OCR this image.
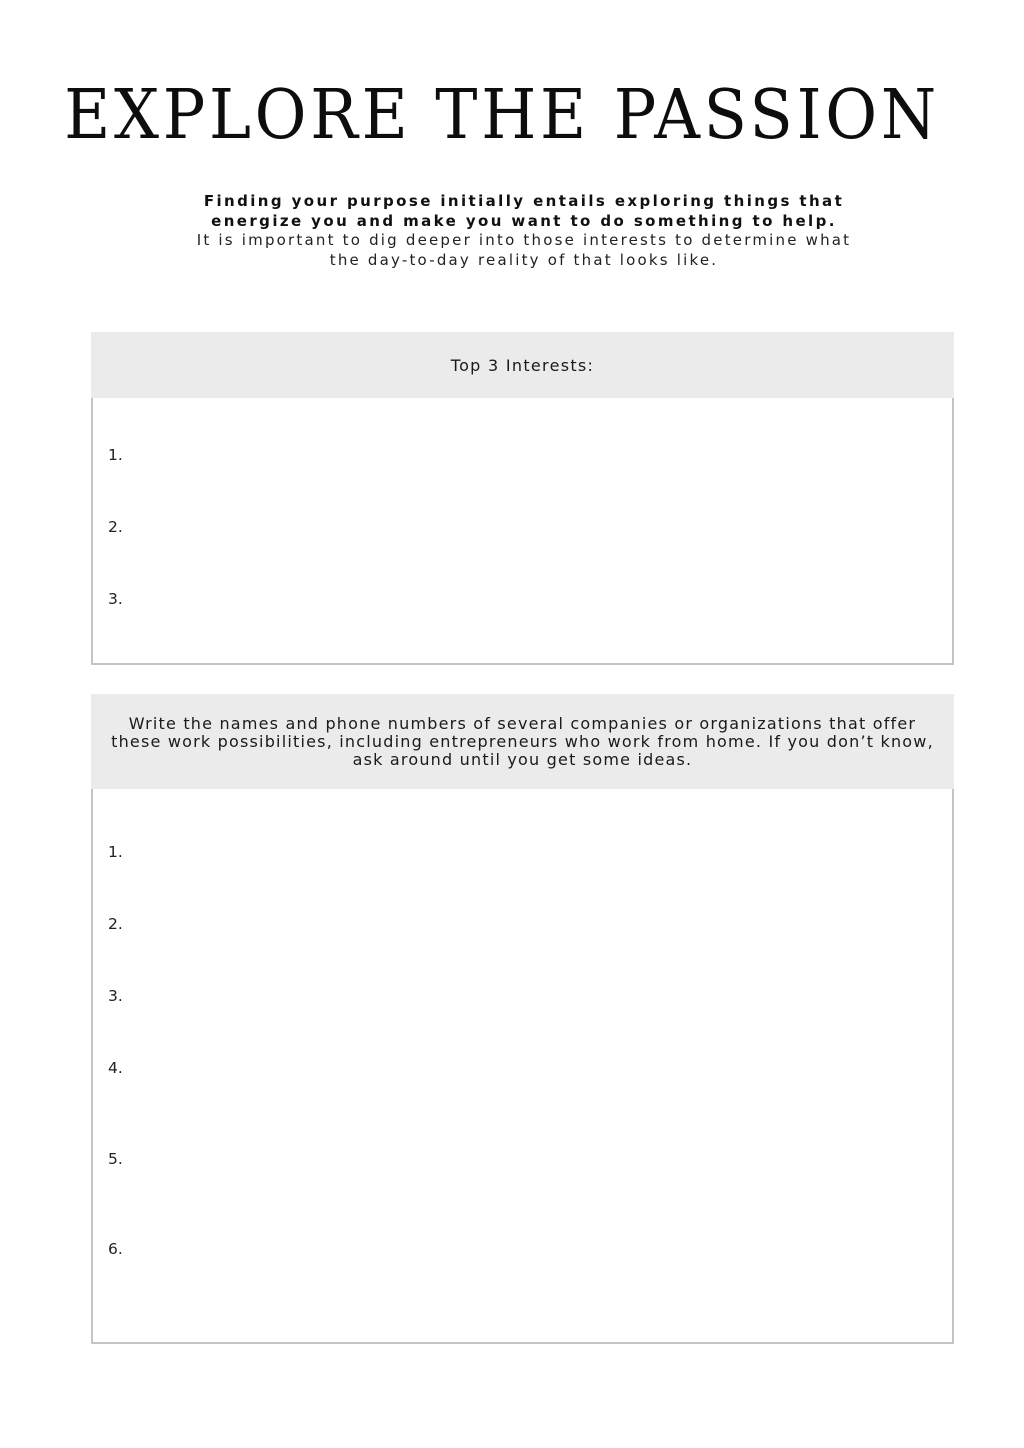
EXPLORE THE PASSION
Finding your purpose initially entails exploring things that
energize you and make you want to do something to help.
It is important to dig deeper into those interests to determine what
the day-to-day reality of that looks like.
Top 3 Interests:
1.
2.
3.
Write the names and phone numbers of several companies or organizations that offer these work possibilities, including entrepreneurs who work from home. If you don’t know, ask around until you get some ideas.
1.
2.
3.
4.
5.
6.
